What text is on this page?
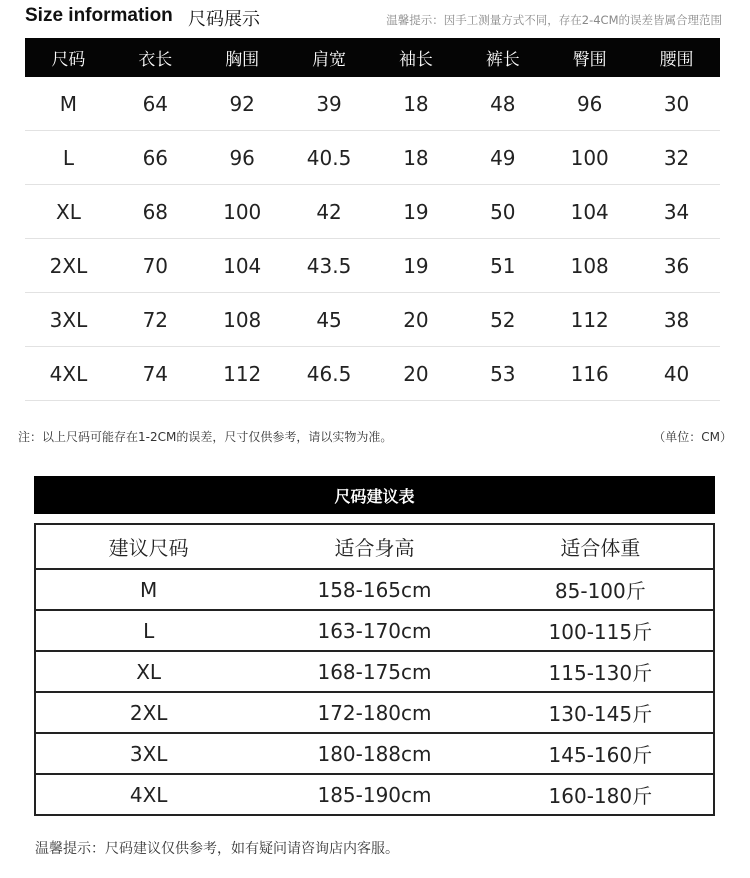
Size information 尺码展示	温馨提示：因手工测量方式不同，存在2-4CM的误差皆属合理范围
尺码	衣长	胸围	肩宽	袖长	裤长	臀围	腰围
M	64	92	39	18	48	96	30
L	66	96	40.5	18	49	100	32
XL	68	100	42	19	50	104	34
2XL	70	104	43.5	19	51	108	36
3XL	72	108	45	20	52	112	38
4XL	74	112	46.5	20	53	116	40
注：以上尺码可能存在1-2CM的误差，尺寸仅供参考，请以实物为准。	（单位：CM）
尺码建议表
建议尺码	适合身高	适合体重
M	158-165cm	85-100斤
L	163-170cm	100-115斤
XL	168-175cm	115-130斤
2XL	172-180cm	130-145斤
3XL	180-188cm	145-160斤
4XL	185-190cm	160-180斤
温馨提示：尺码建议仅供参考，如有疑问请咨询店内客服。
